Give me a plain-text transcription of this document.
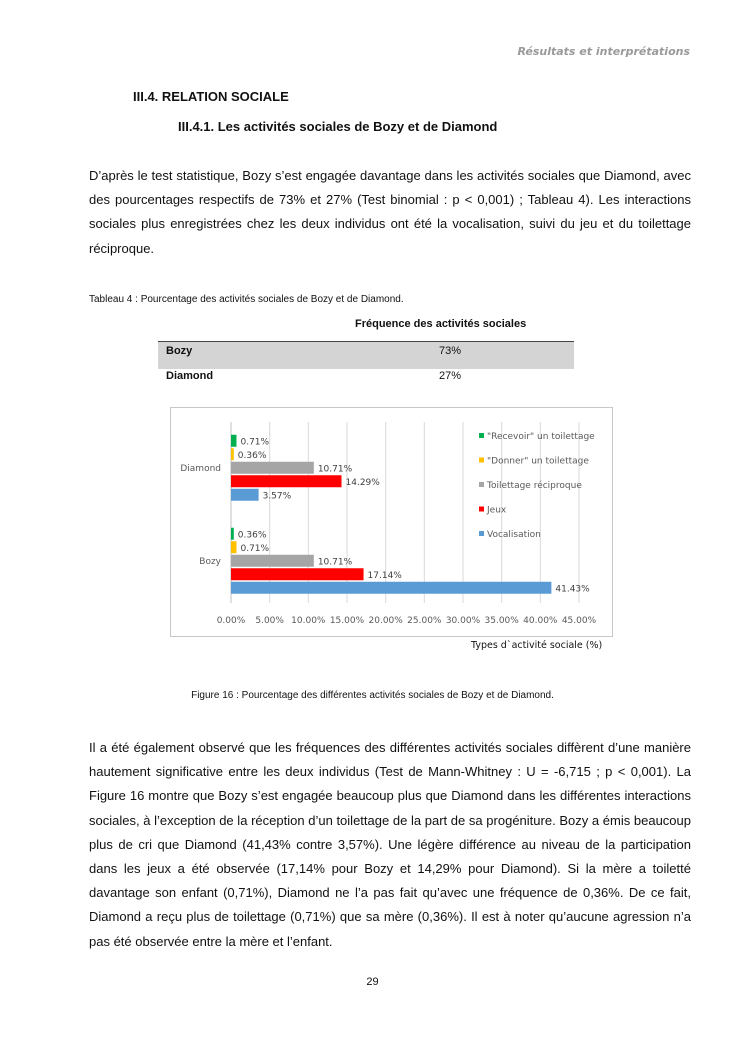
Résultats et interprétations
III.4. RELATION SOCIALE
III.4.1. Les activités sociales de Bozy et de Diamond

D’après le test statistique, Bozy s’est engagée davantage dans les activités sociales que Diamond, avec des pourcentages respectifs de 73% et 27% (Test binomial : p < 0,001) ; Tableau 4). Les interactions sociales plus enregistrées chez les deux individus ont été la vocalisation, suivi du jeu et du toilettage réciproque.

Tableau 4 : Pourcentage des activités sociales de Bozy et de Diamond.
Fréquence des activités sociales
Bozy	73%
Diamond	27%
0.00% 5.00% 10.00% 15.00% 20.00% 25.00% 30.00% 35.00% 40.00% 45.00%
Diamond
0.71%
0.36%
10.71%
14.29%
3.57%
Bozy
0.36%
0.71%
10.71%
17.14%
41.43%
"Recevoir" un toilettage
"Donner" un toilettage
Toilettage réciproque
Jeux
Vocalisation
Types d`activité sociale (%)
Figure 16 : Pourcentage des différentes activités sociales de Bozy et de Diamond.

Il a été également observé que les fréquences des différentes activités sociales diffèrent d’une manière hautement significative entre les deux individus (Test de Mann-Whitney : U = -6,715 ; p < 0,001). La Figure 16 montre que Bozy s’est engagée beaucoup plus que Diamond dans les différentes interactions sociales, à l’exception de la réception d’un toilettage de la part de sa progéniture. Bozy a émis beaucoup plus de cri que Diamond (41,43% contre 3,57%). Une légère différence au niveau de la participation dans les jeux a été observée (17,14% pour Bozy et 14,29% pour Diamond). Si la mère a toiletté davantage son enfant (0,71%), Diamond ne l’a pas fait qu’avec une fréquence de 0,36%. De ce fait, Diamond a reçu plus de toilettage (0,71%) que sa mère (0,36%). Il est à noter qu’aucune agression n’a pas été observée entre la mère et l’enfant.

29
